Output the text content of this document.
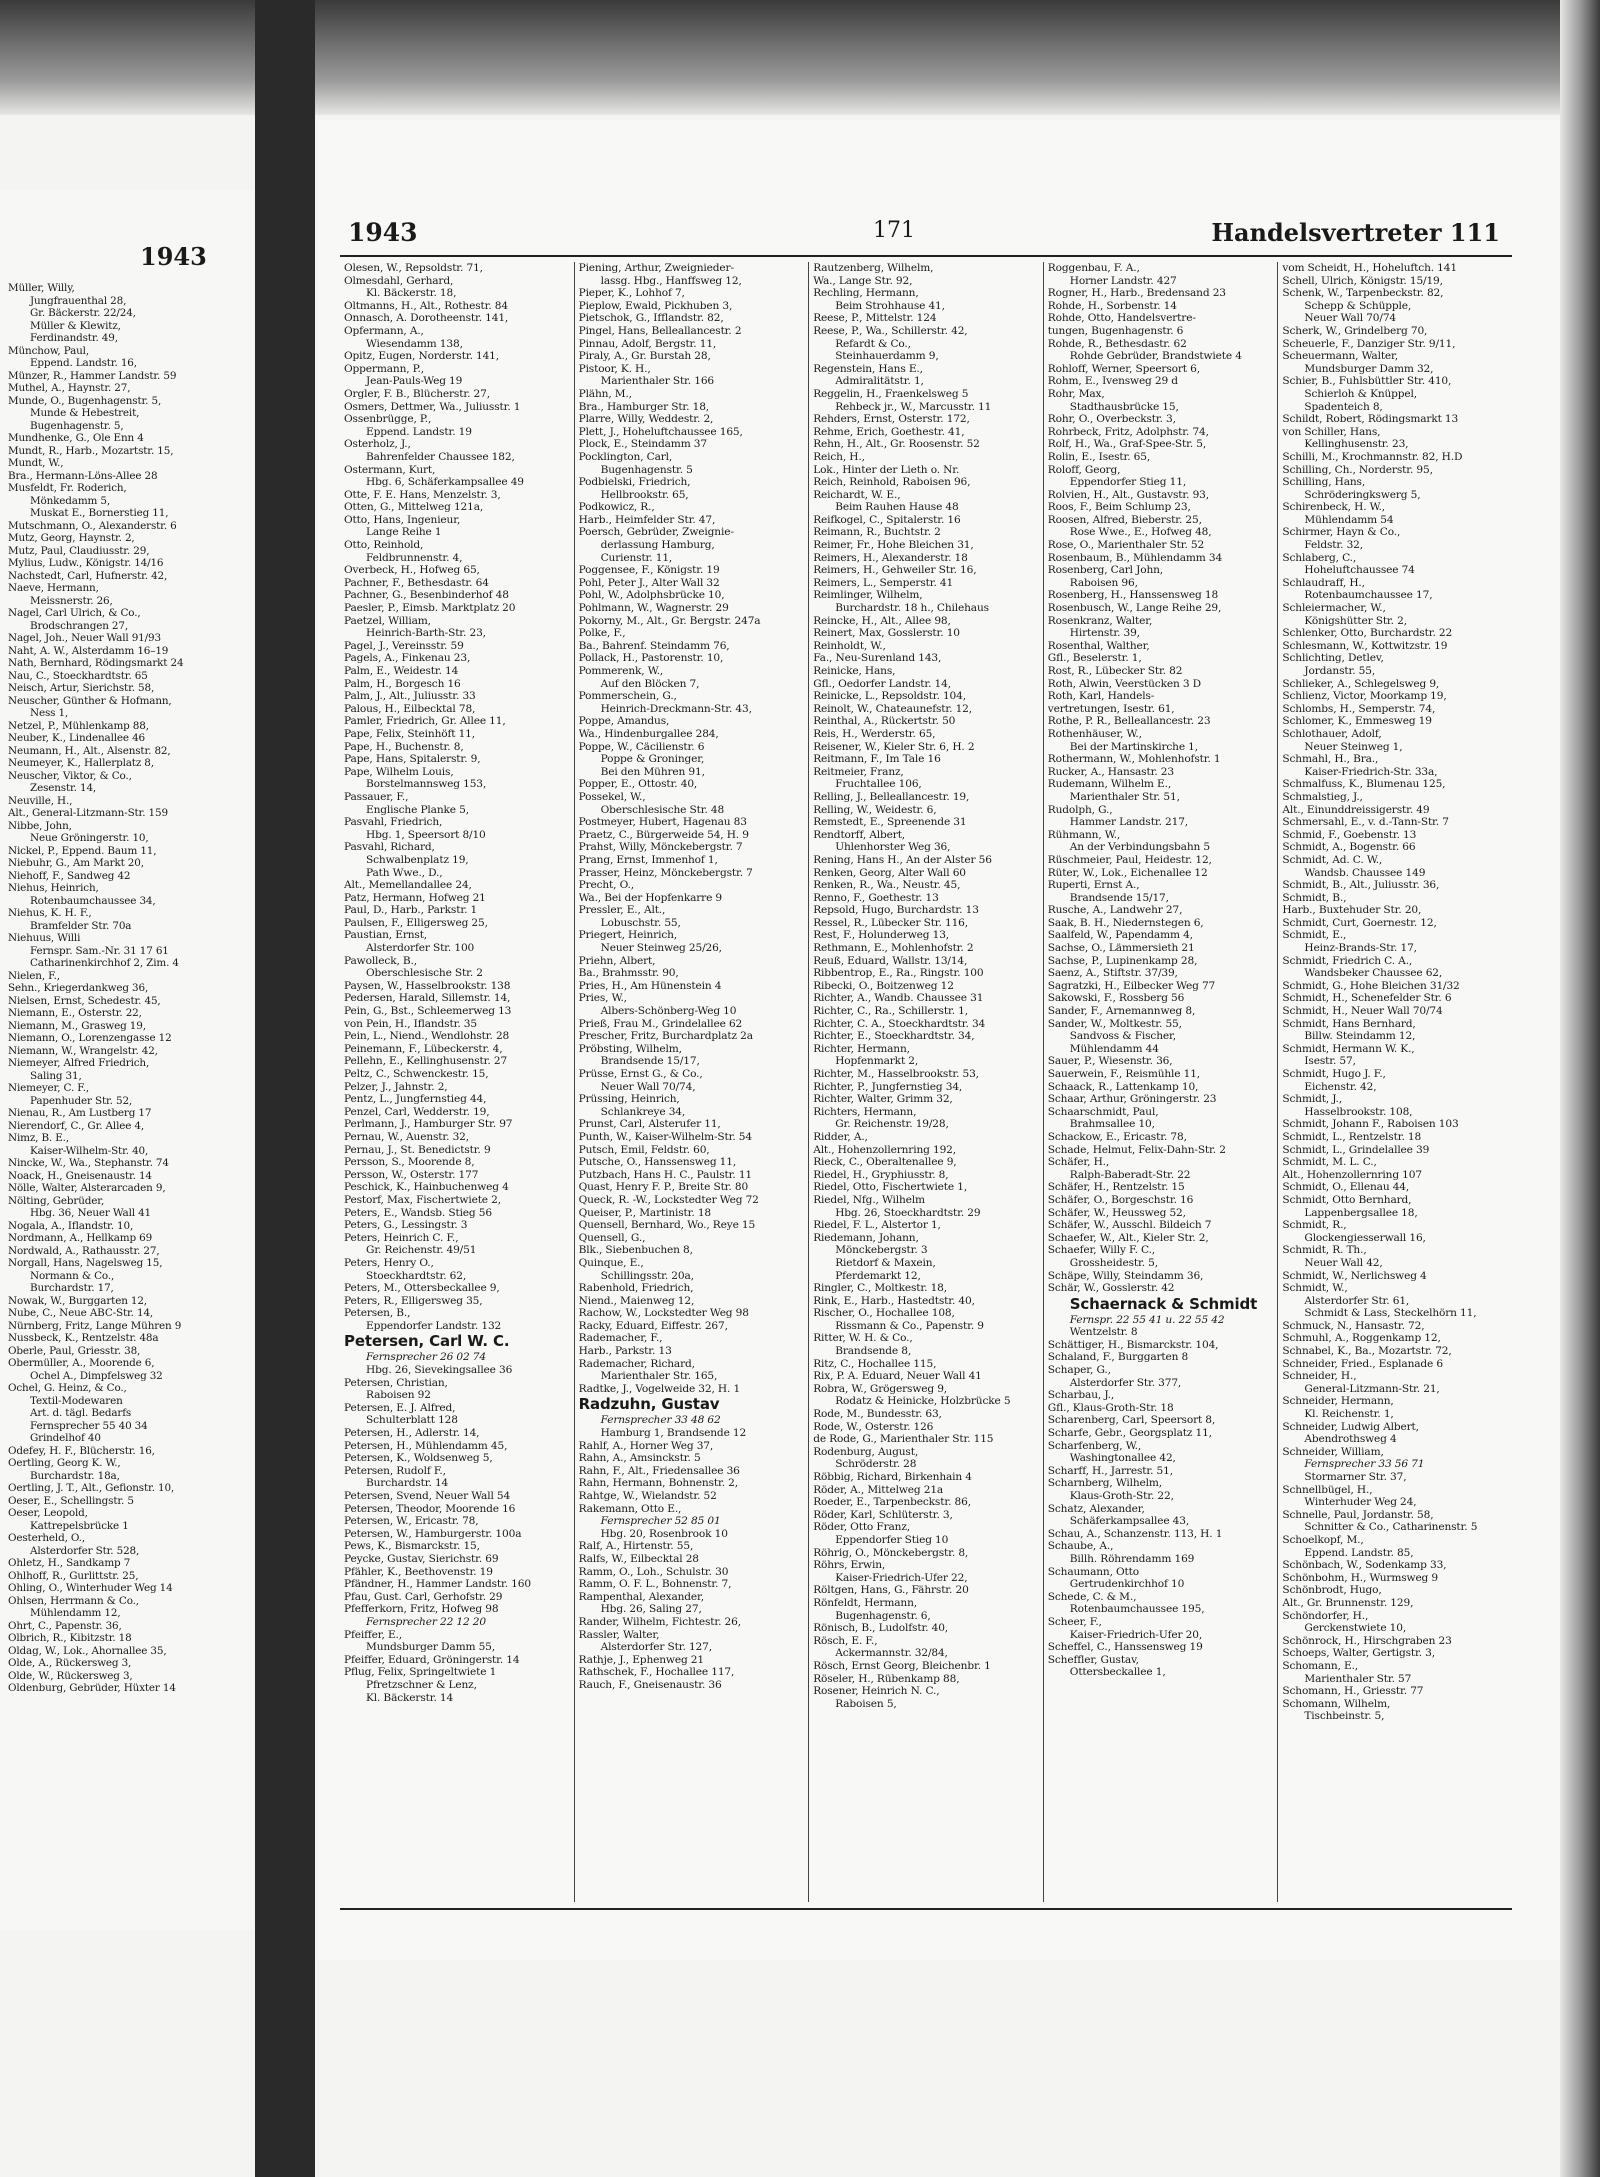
1943
Müller, Willy,
Jungfrauenthal 28,
Gr. Bäckerstr. 22/24,
Müller & Klewitz,
Ferdinandstr. 49,
Münchow, Paul,
Eppend. Landstr. 16,
Münzer, R., Hammer Landstr. 59
Muthel, A., Haynstr. 27,
Munde, O., Bugenhagenstr. 5,
Munde & Hebestreit,
Bugenhagenstr. 5,
Mundhenke, G., Ole Enn 4
Mundt, R., Harb., Mozartstr. 15,
Mundt, W.,
Bra., Hermann-Löns-Allee 28
Musfeldt, Fr. Roderich,
Mönkedamm 5,
Muskat E., Bornerstieg 11,
Mutschmann, O., Alexanderstr. 6
Mutz, Georg, Haynstr. 2,
Mutz, Paul, Claudiusstr. 29,
Mylius, Ludw., Königstr. 14/16
Nachstedt, Carl, Hufnerstr. 42,
Naeve, Hermann,
Meissnerstr. 26,
Nagel, Carl Ulrich, & Co.,
Brodschrangen 27,
Nagel, Joh., Neuer Wall 91/93
Naht, A. W., Alsterdamm 16–19
Nath, Bernhard, Rödingsmarkt 24
Nau, C., Stoeckhardtstr. 65
Neisch, Artur, Sierichstr. 58,
Neuscher, Günther & Hofmann,
Ness 1,
Netzel, P., Mühlenkamp 88,
Neuber, K., Lindenallee 46
Neumann, H., Alt., Alsenstr. 82,
Neumeyer, K., Hallerplatz 8,
Neuscher, Viktor, & Co.,
Zesenstr. 14,
Neuville, H.,
Alt., General-Litzmann-Str. 159
Nibbe, John,
Neue Gröningerstr. 10,
Nickel, P., Eppend. Baum 11,
Niebuhr, G., Am Markt 20,
Niehoff, F., Sandweg 42
Niehus, Heinrich,
Rotenbaumchaussee 34,
Niehus, K. H. F.,
Bramfelder Str. 70a
Niehuus, Willi
Fernspr. Sam.-Nr. 31 17 61
Catharinenkirchhof 2, Zim. 4
Nielen, F.,
Sehn., Kriegerdankweg 36,
Nielsen, Ernst, Schedestr. 45,
Niemann, E., Osterstr. 22,
Niemann, M., Grasweg 19,
Niemann, O., Lorenzengasse 12
Niemann, W., Wrangelstr. 42,
Niemeyer, Alfred Friedrich,
Saling 31,
Niemeyer, C. F.,
Papenhuder Str. 52,
Nienau, R., Am Lustberg 17
Nierendorf, C., Gr. Allee 4,
Nimz, B. E.,
Kaiser-Wilhelm-Str. 40,
Nincke, W., Wa., Stephanstr. 74
Noack, H., Gneisenaustr. 14
Nölle, Walter, Alsterarcaden 9,
Nölting, Gebrüder,
Hbg. 36, Neuer Wall 41
Nogala, A., Iflandstr. 10,
Nordmann, A., Hellkamp 69
Nordwald, A., Rathausstr. 27,
Norgall, Hans, Nagelsweg 15,
Normann & Co.,
Burchardstr. 17,
Nowak, W., Burggarten 12,
Nube, C., Neue ABC-Str. 14,
Nürnberg, Fritz, Lange Mühren 9
Nussbeck, K., Rentzelstr. 48a
Oberle, Paul, Griesstr. 38,
Obermüller, A., Moorende 6,
Ochel A., Dimpfelsweg 32
Ochel, G. Heinz, & Co.,
Textil-Modewaren
Art. d. tägl. Bedarfs
Fernsprecher 55 40 34
Grindelhof 40
Odefey, H. F., Blücherstr. 16,
Oertling, Georg K. W.,
Burchardstr. 18a,
Oertling, J. T., Alt., Gefionstr. 10,
Oeser, E., Schellingstr. 5
Oeser, Leopold,
Kattrepelsbrücke 1
Oesterheld, O.,
Alsterdorfer Str. 528,
Ohletz, H., Sandkamp 7
Ohlhoff, R., Gurlittstr. 25,
Ohling, O., Winterhuder Weg 14
Ohlsen, Herrmann & Co.,
Mühlendamm 12,
Ohrt, C., Papenstr. 36,
Olbrich, R., Kibitzstr. 18
Oldag, W., Lok., Ahornallee 35,
Olde, A., Rückersweg 3,
Olde, W., Rückersweg 3,
Oldenburg, Gebrüder, Hüxter 14
1943	171	Handelsvertreter 111
Olesen, W., Repsoldstr. 71,
Olmesdahl, Gerhard,
Kl. Bäckerstr. 18,
Oltmanns, H., Alt., Rothestr. 84
Onnasch, A. Dorotheenstr. 141,
Opfermann, A.,
Wiesendamm 138,
Opitz, Eugen, Norderstr. 141,
Oppermann, P.,
Jean-Pauls-Weg 19
Orgler, F. B., Blücherstr. 27,
Osmers, Dettmer, Wa., Juliusstr. 1
Ossenbrügge, P.,
Eppend. Landstr. 19
Osterholz, J.,
Bahrenfelder Chaussee 182,
Ostermann, Kurt,
Hbg. 6, Schäferkampsallee 49
Otte, F. E. Hans, Menzelstr. 3,
Otten, G., Mittelweg 121a,
Otto, Hans, Ingenieur,
Lange Reihe 1
Otto, Reinhold,
Feldbrunnenstr. 4,
Overbeck, H., Hofweg 65,
Pachner, F., Bethesdastr. 64
Pachner, G., Besenbinderhof 48
Paesler, P., Eimsb. Marktplatz 20
Paetzel, William,
Heinrich-Barth-Str. 23,
Pagel, J., Vereinsstr. 59
Pagels, A., Finkenau 23,
Palm, E., Weidestr. 14
Palm, H., Borgesch 16
Palm, J., Alt., Juliusstr. 33
Palous, H., Eilbecktal 78,
Pamler, Friedrich, Gr. Allee 11,
Pape, Felix, Steinhöft 11,
Pape, H., Buchenstr. 8,
Pape, Hans, Spitalerstr. 9,
Pape, Wilhelm Louis,
Borstelmannsweg 153,
Passauer, F.,
Englische Planke 5,
Pasvahl, Friedrich,
Hbg. 1, Speersort 8/10
Pasvahl, Richard,
Schwalbenplatz 19,
Path Wwe., D.,
Alt., Memellandallee 24,
Patz, Hermann, Hofweg 21
Paul, D., Harb., Parkstr. 1
Paulsen, F., Elligersweg 25,
Paustian, Ernst,
Alsterdorfer Str. 100
Pawolleck, B.,
Oberschlesische Str. 2
Paysen, W., Hasselbrookstr. 138
Pedersen, Harald, Sillemstr. 14,
Pein, G., Bst., Schleemerweg 13
von Pein, H., Iflandstr. 35
Pein, L., Niend., Wendlohstr. 28
Peinemann, F., Lübeckerstr. 4,
Pellehn, E., Kellinghusenstr. 27
Peltz, C., Schwenckestr. 15,
Pelzer, J., Jahnstr. 2,
Pentz, L., Jungfernstieg 44,
Penzel, Carl, Wedderstr. 19,
Perlmann, J., Hamburger Str. 97
Pernau, W., Auenstr. 32,
Pernau, J., St. Benedictstr. 9
Persson, S., Moorende 8,
Persson, W., Osterstr. 177
Peschick, K., Hainbuchenweg 4
Pestorf, Max, Fischertwiete 2,
Peters, E., Wandsb. Stieg 56
Peters, G., Lessingstr. 3
Peters, Heinrich C. F.,
Gr. Reichenstr. 49/51
Peters, Henry O.,
Stoeckhardtstr. 62,
Peters, M., Ottersbeckallee 9,
Peters, R., Elligersweg 35,
Petersen, B.,
Eppendorfer Landstr. 132
Petersen, Carl W. C.
Fernsprecher 26 02 74
Hbg. 26, Sievekingsallee 36
Petersen, Christian,
Raboisen 92
Petersen, E. J. Alfred,
Schulterblatt 128
Petersen, H., Adlerstr. 14,
Petersen, H., Mühlendamm 45,
Petersen, K., Woldsenweg 5,
Petersen, Rudolf F.,
Burchardstr. 14
Petersen, Svend, Neuer Wall 54
Petersen, Theodor, Moorende 16
Petersen, W., Ericastr. 78,
Petersen, W., Hamburgerstr. 100a
Pews, K., Bismarckstr. 15,
Peycke, Gustav, Sierichstr. 69
Pfähler, K., Beethovenstr. 19
Pfändner, H., Hammer Landstr. 160
Pfau, Gust. Carl, Gerhofstr. 29
Pfefferkorn, Fritz, Hofweg 98
Fernsprecher 22 12 20
Pfeiffer, E.,
Mundsburger Damm 55,
Pfeiffer, Eduard, Gröningerstr. 14
Pflug, Felix, Springeltwiete 1
Pfretzschner & Lenz,
Kl. Bäckerstr. 14
Piening, Arthur, Zweignieder-
lassg. Hbg., Hanffsweg 12,
Pieper, K., Lohhof 7,
Pieplow, Ewald, Pickhuben 3,
Pietschok, G., Ifflandstr. 82,
Pingel, Hans, Belleallancestr. 2
Pinnau, Adolf, Bergstr. 11,
Piraly, A., Gr. Burstah 28,
Pistoor, K. H.,
Marienthaler Str. 166
Plähn, M.,
Bra., Hamburger Str. 18,
Plarre, Willy, Weddestr. 2,
Plett, J., Hoheluftchaussee 165,
Plock, E., Steindamm 37
Pocklington, Carl,
Bugenhagenstr. 5
Podbielski, Friedrich,
Hellbrookstr. 65,
Podkowicz, R.,
Harb., Heimfelder Str. 47,
Poersch, Gebrüder, Zweignie-
derlassung Hamburg,
Curienstr. 11,
Poggensee, F., Königstr. 19
Pohl, Peter J., Alter Wall 32
Pohl, W., Adolphsbrücke 10,
Pohlmann, W., Wagnerstr. 29
Pokorny, M., Alt., Gr. Bergstr. 247a
Polke, F.,
Ba., Bahrenf. Steindamm 76,
Pollack, H., Pastorenstr. 10,
Pommerenk, W.,
Auf den Blöcken 7,
Pommerschein, G.,
Heinrich-Dreckmann-Str. 43,
Poppe, Amandus,
Wa., Hindenburgallee 284,
Poppe, W., Cäcilienstr. 6
Poppe & Groninger,
Bei den Mühren 91,
Popper, E., Ottostr. 40,
Possekel, W.,
Oberschlesische Str. 48
Postmeyer, Hubert, Hagenau 83
Praetz, C., Bürgerweide 54, H. 9
Prahst, Willy, Mönckebergstr. 7
Prang, Ernst, Immenhof 1,
Prasser, Heinz, Mönckebergstr. 7
Precht, O.,
Wa., Bei der Hopfenkarre 9
Pressler, E., Alt.,
Lobuschstr. 55,
Priegert, Heinrich,
Neuer Steinweg 25/26,
Priehn, Albert,
Ba., Brahmsstr. 90,
Pries, H., Am Hünenstein 4
Pries, W.,
Albers-Schönberg-Weg 10
Prieß, Frau M., Grindelallee 62
Prescher, Fritz, Burchardplatz 2a
Pröbsting, Wilhelm,
Brandsende 15/17,
Prüsse, Ernst G., & Co.,
Neuer Wall 70/74,
Prüssing, Heinrich,
Schlankreye 34,
Prunst, Carl, Alsterufer 11,
Punth, W., Kaiser-Wilhelm-Str. 54
Putsch, Emil, Feldstr. 60,
Putsche, O., Hanssensweg 11,
Putzbach, Hans H. C., Paulstr. 11
Quast, Henry F. P., Breite Str. 80
Queck, R. -W., Lockstedter Weg 72
Queiser, P., Martinistr. 18
Quensell, Bernhard, Wo., Reye 15
Quensell, G.,
Blk., Siebenbuchen 8,
Quinque, E.,
Schillingsstr. 20a,
Rabenhold, Friedrich,
Niend., Maienweg 12,
Rachow, W., Lockstedter Weg 98
Racky, Eduard, Eiffestr. 267,
Rademacher, F.,
Harb., Parkstr. 13
Rademacher, Richard,
Marienthaler Str. 165,
Radtke, J., Vogelweide 32, H. 1
Radzuhn, Gustav
Fernsprecher 33 48 62
Hamburg 1, Brandsende 12
Rahlf, A., Horner Weg 37,
Rahn, A., Amsinckstr. 5
Rahn, F., Alt., Friedensallee 36
Rahn, Hermann, Bohnenstr. 2,
Rahtge, W., Wielandstr. 52
Rakemann, Otto E.,
Fernsprecher 52 85 01
Hbg. 20, Rosenbrook 10
Ralf, A., Hirtenstr. 55,
Ralfs, W., Eilbecktal 28
Ramm, O., Loh., Schulstr. 30
Ramm, O. F. L., Bohnenstr. 7,
Rampenthal, Alexander,
Hbg. 26, Saling 27,
Rander, Wilhelm, Fichtestr. 26,
Rassler, Walter,
Alsterdorfer Str. 127,
Rathje, J., Ephenweg 21
Rathschek, F., Hochallee 117,
Rauch, F., Gneisenaustr. 36
Rautzenberg, Wilhelm,
Wa., Lange Str. 92,
Rechling, Hermann,
Beim Strohhause 41,
Reese, P., Mittelstr. 124
Reese, P., Wa., Schillerstr. 42,
Refardt & Co.,
Steinhauerdamm 9,
Regenstein, Hans E.,
Admiralitätstr. 1,
Reggelin, H., Fraenkelsweg 5
Rehbeck jr., W., Marcusstr. 11
Rehders, Ernst, Osterstr. 172,
Rehme, Erich, Goethestr. 41,
Rehn, H., Alt., Gr. Roosenstr. 52
Reich, H.,
Lok., Hinter der Lieth o. Nr.
Reich, Reinhold, Raboisen 96,
Reichardt, W. E.,
Beim Rauhen Hause 48
Reifkogel, C., Spitalerstr. 16
Reimann, R., Buchtstr. 2
Reimer, Fr., Hohe Bleichen 31,
Reimers, H., Alexanderstr. 18
Reimers, H., Gehweiler Str. 16,
Reimers, L., Semperstr. 41
Reimlinger, Wilhelm,
Burchardstr. 18 h., Chilehaus
Reincke, H., Alt., Allee 98,
Reinert, Max, Gosslerstr. 10
Reinholdt, W.,
Fa., Neu-Surenland 143,
Reinicke, Hans,
Gfl., Oedorfer Landstr. 14,
Reinicke, L., Repsoldstr. 104,
Reinolt, W., Chateaunefstr. 12,
Reinthal, A., Rückertstr. 50
Reis, H., Werderstr. 65,
Reisener, W., Kieler Str. 6, H. 2
Reitmann, F., Im Tale 16
Reitmeier, Franz,
Fruchtallee 106,
Relling, J., Belleallancestr. 19,
Relling, W., Weidestr. 6,
Remstedt, E., Spreenende 31
Rendtorff, Albert,
Uhlenhorster Weg 36,
Rening, Hans H., An der Alster 56
Renken, Georg, Alter Wall 60
Renken, R., Wa., Neustr. 45,
Renno, F., Goethestr. 13
Repsold, Hugo, Burchardstr. 13
Ressel, R., Lübecker Str. 116,
Rest, F., Holunderweg 13,
Rethmann, E., Mohlenhofstr. 2
Reuß, Eduard, Wallstr. 13/14,
Ribbentrop, E., Ra., Ringstr. 100
Ribecki, O., Boitzenweg 12
Richter, A., Wandb. Chaussee 31
Richter, C., Ra., Schillerstr. 1,
Richter, C. A., Stoeckhardtstr. 34
Richter, E., Stoeckhardtstr. 34,
Richter, Hermann,
Hopfenmarkt 2,
Richter, M., Hasselbrookstr. 53,
Richter, P., Jungfernstieg 34,
Richter, Walter, Grimm 32,
Richters, Hermann,
Gr. Reichenstr. 19/28,
Ridder, A.,
Alt., Hohenzollernring 192,
Rieck, C., Oberaltenallee 9,
Riedel, H., Gryphiusstr. 8,
Riedel, Otto, Fischertwiete 1,
Riedel, Nfg., Wilhelm
Hbg. 26, Stoeckhardtstr. 29
Riedel, F. L., Alstertor 1,
Riedemann, Johann,
Mönckebergstr. 3
Rietdorf & Maxein,
Pferdemarkt 12,
Ringler, C., Moltkestr. 18,
Rink, E., Harb., Hastedtstr. 40,
Rischer, O., Hochallee 108,
Rissmann & Co., Papenstr. 9
Ritter, W. H. & Co.,
Brandsende 8,
Ritz, C., Hochallee 115,
Rix, P. A. Eduard, Neuer Wall 41
Robra, W., Grögersweg 9,
Rodatz & Heinicke, Holzbrücke 5
Rode, M., Bundesstr. 63,
Rode, W., Osterstr. 126
de Rode, G., Marienthaler Str. 115
Rodenburg, August,
Schröderstr. 28
Röbbig, Richard, Birkenhain 4
Röder, A., Mittelweg 21a
Roeder, E., Tarpenbeckstr. 86,
Röder, Karl, Schlüterstr. 3,
Röder, Otto Franz,
Eppendorfer Stieg 10
Röhrig, O., Mönckebergstr. 8,
Röhrs, Erwin,
Kaiser-Friedrich-Ufer 22,
Röltgen, Hans, G., Fährstr. 20
Rönfeldt, Hermann,
Bugenhagenstr. 6,
Rönisch, B., Ludolfstr. 40,
Rösch, E. F.,
Ackermannstr. 32/84,
Rösch, Ernst Georg, Bleichenbr. 1
Röseler, H., Rübenkamp 88,
Rosener, Heinrich N. C.,
Raboisen 5,
Roggenbau, F. A.,
Horner Landstr. 427
Rogner, H., Harb., Bredensand 23
Rohde, H., Sorbenstr. 14
Rohde, Otto, Handelsvertre-
tungen, Bugenhagenstr. 6
Rohde, R., Bethesdastr. 62
Rohde Gebrüder, Brandstwiete 4
Rohloff, Werner, Speersort 6,
Rohm, E., Ivensweg 29 d
Rohr, Max,
Stadthausbrücke 15,
Rohr, O., Overbeckstr. 3,
Rohrbeck, Fritz, Adolphstr. 74,
Rolf, H., Wa., Graf-Spee-Str. 5,
Rolin, E., Isestr. 65,
Roloff, Georg,
Eppendorfer Stieg 11,
Rolvien, H., Alt., Gustavstr. 93,
Roos, F., Beim Schlump 23,
Roosen, Alfred, Bieberstr. 25,
Rose Wwe., E., Hofweg 48,
Rose, O., Marienthaler Str. 52
Rosenbaum, B., Mühlendamm 34
Rosenberg, Carl John,
Raboisen 96,
Rosenberg, H., Hanssensweg 18
Rosenbusch, W., Lange Reihe 29,
Rosenkranz, Walter,
Hirtenstr. 39,
Rosenthal, Walther,
Gfl., Beselerstr. 1,
Rost, R., Lübecker Str. 82
Roth, Alwin, Veerstücken 3 D
Roth, Karl, Handels-
vertretungen, Isestr. 61,
Rothe, P. R., Belleallancestr. 23
Rothenhäuser, W.,
Bei der Martinskirche 1,
Rothermann, W., Mohlenhofstr. 1
Rucker, A., Hansastr. 23
Rudemann, Wilhelm E.,
Marienthaler Str. 51,
Rudolph, G.,
Hammer Landstr. 217,
Rühmann, W.,
An der Verbindungsbahn 5
Rüschmeier, Paul, Heidestr. 12,
Rüter, W., Lok., Eichenallee 12
Ruperti, Ernst A.,
Brandsende 15/17,
Rusche, A., Landwehr 27,
Saak, B. H., Niedernstegen 6,
Saalfeld, W., Papendamm 4,
Sachse, O., Lämmersieth 21
Sachse, P., Lupinenkamp 28,
Saenz, A., Stiftstr. 37/39,
Sagratzki, H., Eilbecker Weg 77
Sakowski, F., Rossberg 56
Sander, F., Arnemannweg 8,
Sander, W., Moltkestr. 55,
Sandvoss & Fischer,
Mühlendamm 44
Sauer, P., Wiesenstr. 36,
Sauerwein, F., Reismühle 11,
Schaack, R., Lattenkamp 10,
Schaar, Arthur, Gröningerstr. 23
Schaarschmidt, Paul,
Brahmsallee 10,
Schackow, E., Ericastr. 78,
Schade, Helmut, Felix-Dahn-Str. 2
Schäfer, H.,
Ralph-Baberadt-Str. 22
Schäfer, H., Rentzelstr. 15
Schäfer, O., Borgeschstr. 16
Schäfer, W., Heussweg 52,
Schäfer, W., Ausschl. Bildeich 7
Schaefer, W., Alt., Kieler Str. 2,
Schaefer, Willy F. C.,
Grossheidestr. 5,
Schäpe, Willy, Steindamm 36,
Schär, W., Gosslerstr. 42
Schaernack & Schmidt
Fernspr. 22 55 41 u. 22 55 42
Wentzelstr. 8
Schättiger, H., Bismarckstr. 104,
Schaland, F., Burggarten 8
Schaper, G.,
Alsterdorfer Str. 377,
Scharbau, J.,
Gfl., Klaus-Groth-Str. 18
Scharenberg, Carl, Speersort 8,
Scharfe, Gebr., Georgsplatz 11,
Scharfenberg, W.,
Washingtonallee 42,
Scharff, H., Jarrestr. 51,
Scharnberg, Wilhelm,
Klaus-Groth-Str. 22,
Schatz, Alexander,
Schäferkampsallee 43,
Schau, A., Schanzenstr. 113, H. 1
Schaube, A.,
Billh. Röhrendamm 169
Schaumann, Otto
Gertrudenkirchhof 10
Schede, C. & M.,
Rotenbaumchaussee 195,
Scheer, F.,
Kaiser-Friedrich-Ufer 20,
Scheffel, C., Hanssensweg 19
Scheffler, Gustav,
Ottersbeckallee 1,
vom Scheidt, H., Hoheluftch. 141
Schell, Ulrich, Königstr. 15/19,
Schenk, W., Tarpenbeckstr. 82,
Schepp & Schüpple,
Neuer Wall 70/74
Scherk, W., Grindelberg 70,
Scheuerle, F., Danziger Str. 9/11,
Scheuermann, Walter,
Mundsburger Damm 32,
Schier, B., Fuhlsbüttler Str. 410,
Schierloh & Knüppel,
Spadenteich 8,
Schildt, Robert, Rödingsmarkt 13
von Schiller, Hans,
Kellinghusenstr. 23,
Schilli, M., Krochmannstr. 82, H.D
Schilling, Ch., Norderstr. 95,
Schilling, Hans,
Schröderingkswerg 5,
Schirenbeck, H. W.,
Mühlendamm 54
Schirmer, Hayn & Co.,
Feldstr. 32,
Schlaberg, C.,
Hoheluftchaussee 74
Schlaudraff, H.,
Rotenbaumchaussee 17,
Schleiermacher, W.,
Königshütter Str. 2,
Schlenker, Otto, Burchardstr. 22
Schlesmann, W., Kottwitzstr. 19
Schlichting, Detlev,
Jordanstr. 55,
Schlieker, A., Schlegelsweg 9,
Schlienz, Victor, Moorkamp 19,
Schlombs, H., Semperstr. 74,
Schlomer, K., Emmesweg 19
Schlothauer, Adolf,
Neuer Steinweg 1,
Schmahl, H., Bra.,
Kaiser-Friedrich-Str. 33a,
Schmalfuss, K., Blumenau 125,
Schmalstieg, J.,
Alt., Einunddreissigerstr. 49
Schmersahl, E., v. d.-Tann-Str. 7
Schmid, F., Goebenstr. 13
Schmidt, A., Bogenstr. 66
Schmidt, Ad. C. W.,
Wandsb. Chaussee 149
Schmidt, B., Alt., Juliusstr. 36,
Schmidt, B.,
Harb., Buxtehuder Str. 20,
Schmidt, Curt, Goernestr. 12,
Schmidt, E.,
Heinz-Brands-Str. 17,
Schmidt, Friedrich C. A.,
Wandsbeker Chaussee 62,
Schmidt, G., Hohe Bleichen 31/32
Schmidt, H., Schenefelder Str. 6
Schmidt, H., Neuer Wall 70/74
Schmidt, Hans Bernhard,
Billw. Steindamm 12,
Schmidt, Hermann W. K.,
Isestr. 57,
Schmidt, Hugo J. F.,
Eichenstr. 42,
Schmidt, J.,
Hasselbrookstr. 108,
Schmidt, Johann F., Raboisen 103
Schmidt, L., Rentzelstr. 18
Schmidt, L., Grindelallee 39
Schmidt, M. L. C.,
Alt., Hohenzollernring 107
Schmidt, O., Ellenau 44,
Schmidt, Otto Bernhard,
Lappenbergsallee 18,
Schmidt, R.,
Glockengiesserwall 16,
Schmidt, R. Th.,
Neuer Wall 42,
Schmidt, W., Nerlichsweg 4
Schmidt, W.,
Alsterdorfer Str. 61,
Schmidt & Lass, Steckelhörn 11,
Schmuck, N., Hansastr. 72,
Schmuhl, A., Roggenkamp 12,
Schnabel, K., Ba., Mozartstr. 72,
Schneider, Fried., Esplanade 6
Schneider, H.,
General-Litzmann-Str. 21,
Schneider, Hermann,
Kl. Reichenstr. 1,
Schneider, Ludwig Albert,
Abendrothsweg 4
Schneider, William,
Fernsprecher 33 56 71
Stormarner Str. 37,
Schnellbügel, H.,
Winterhuder Weg 24,
Schnelle, Paul, Jordanstr. 58,
Schnitter & Co., Catharinenstr. 5
Schoelkopf, M.,
Eppend. Landstr. 85,
Schönbach, W., Sodenkamp 33,
Schönbohm, H., Wurmsweg 9
Schönbrodt, Hugo,
Alt., Gr. Brunnenstr. 129,
Schöndorfer, H.,
Gerckenstwiete 10,
Schönrock, H., Hirschgraben 23
Schoeps, Walter, Gertigstr. 3,
Schomann, E.,
Marienthaler Str. 57
Schomann, H., Griesstr. 77
Schomann, Wilhelm,
Tischbeinstr. 5,
